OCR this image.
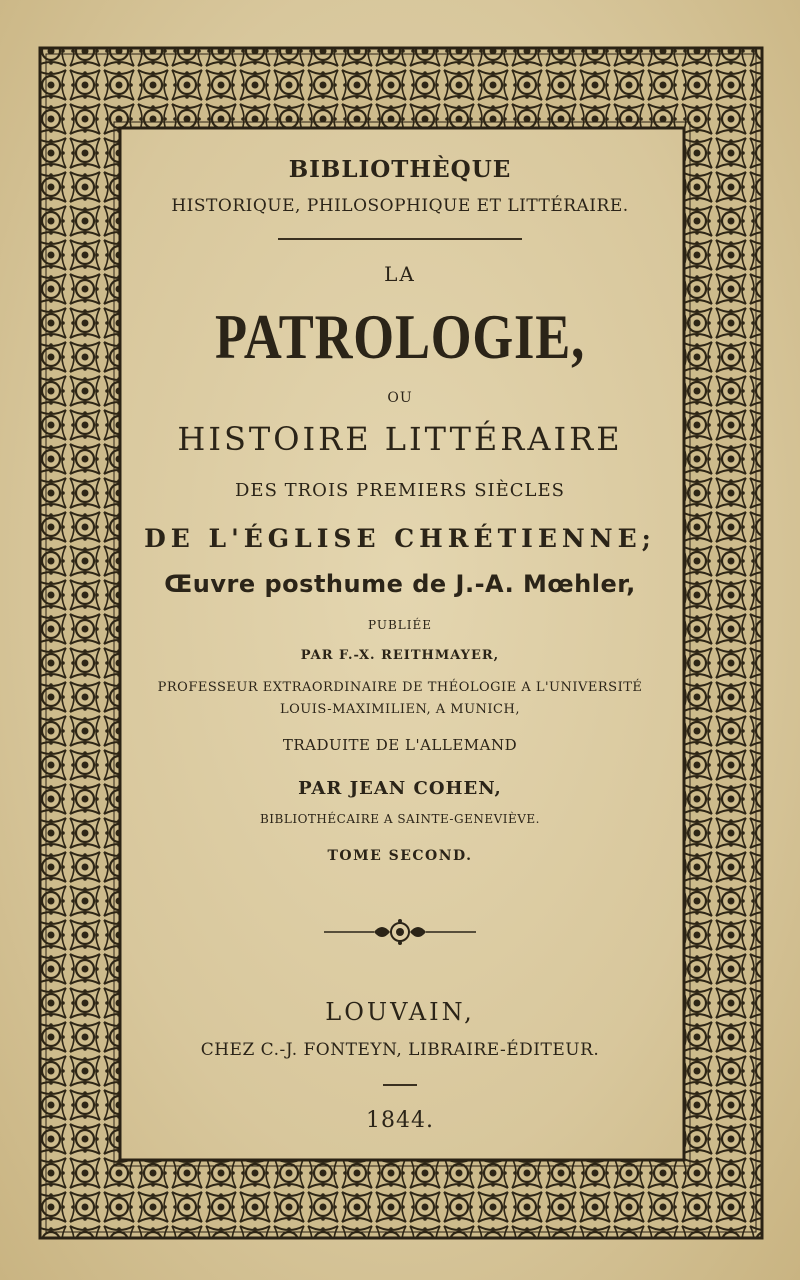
BIBLIOTHÈQUE
HISTORIQUE, PHILOSOPHIQUE ET LITTÉRAIRE.
LA
PATROLOGIE,
OU
HISTOIRE LITTÉRAIRE
DES TROIS PREMIERS SIÈCLES
DE L'ÉGLISE CHRÉTIENNE;
Œuvre posthume de J.-A. Mœhler,
PUBLIÉE
PAR F.-X. REITHMAYER,
PROFESSEUR EXTRAORDINAIRE DE THÉOLOGIE A L'UNIVERSITÉ
LOUIS-MAXIMILIEN, A MUNICH,
TRADUITE DE L'ALLEMAND
PAR JEAN COHEN,
BIBLIOTHÉCAIRE A SAINTE-GENEVIÈVE.
TOME SECOND.
LOUVAIN,
CHEZ C.-J. FONTEYN, LIBRAIRE-ÉDITEUR.
1844.
